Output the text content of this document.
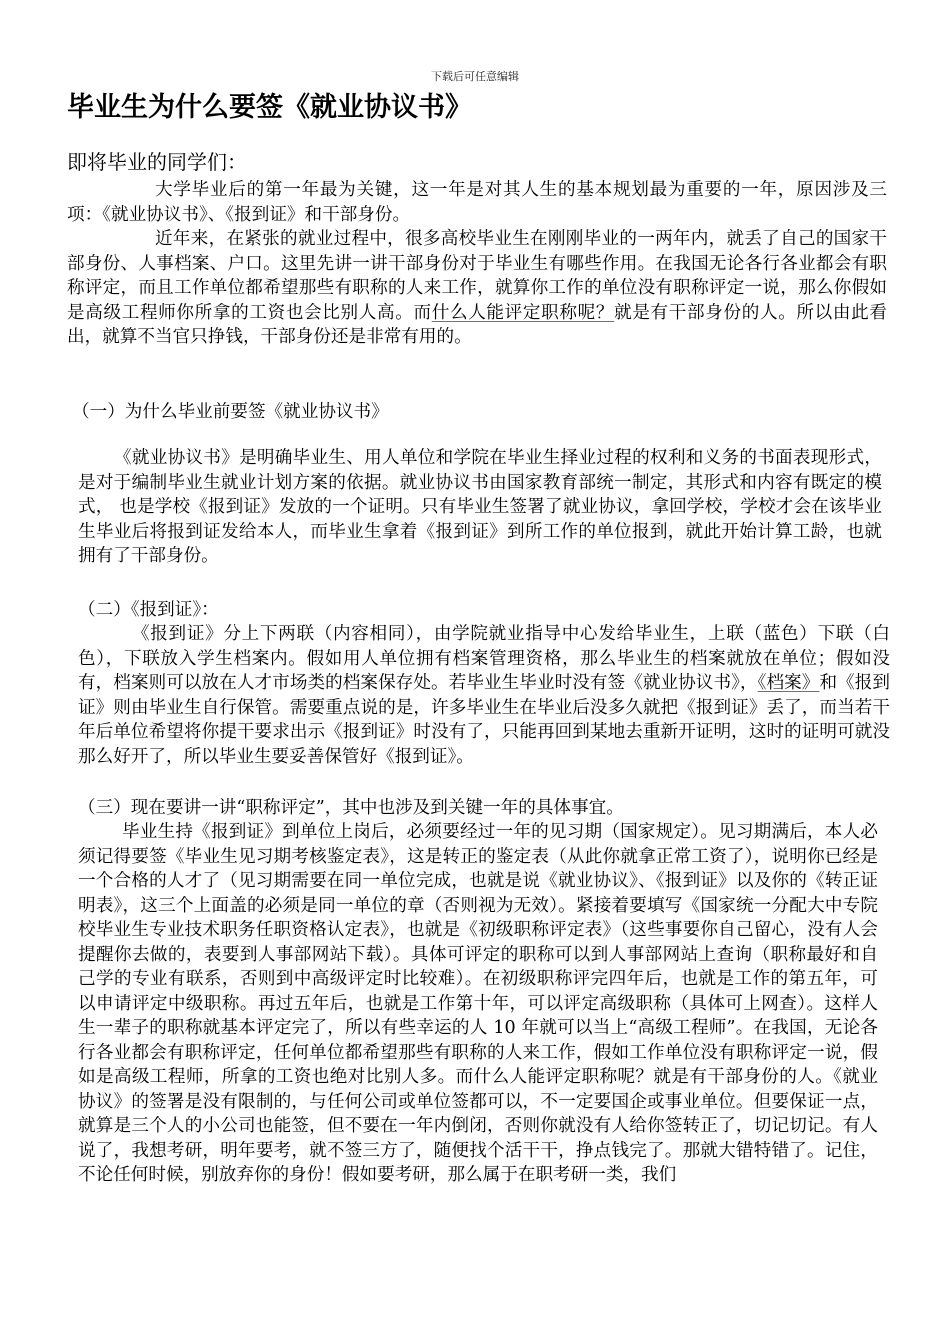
下载后可任意编辑
毕业生为什么要签《就业协议书》
即将毕业的同学们：

大学毕业后的第一年最为关键，这一年是对其人生的基本规划最为重要的一年，原因涉及三项：《就业协议书》、《报到证》和干部身份。

近年来，在紧张的就业过程中，很多高校毕业生在刚刚毕业的一两年内，就丢了自己的国家干部身份、人事档案、户口。这里先讲一讲干部身份对于毕业生有哪些作用。在我国无论各行各业都会有职称评定，而且工作单位都希望那些有职称的人来工作，就算你工作的单位没有职称评定一说，那么你假如是高级工程师你所拿的工资也会比别人高。而什么人能评定职称呢？就是有干部身份的人。所以由此看出，就算不当官只挣钱，干部身份还是非常有用的。

（一）为什么毕业前要签《就业协议书》

《就业协议书》是明确毕业生、用人单位和学院在毕业生择业过程的权利和义务的书面表现形式，是对于编制毕业生就业计划方案的依据。就业协议书由国家教育部统一制定，其形式和内容有既定的模式， 也是学校《报到证》发放的一个证明。只有毕业生签署了就业协议，拿回学校，学校才会在该毕业生毕业后将报到证发给本人，而毕业生拿着《报到证》到所工作的单位报到，就此开始计算工龄，也就拥有了干部身份。

（二）《报到证》：

《报到证》分上下两联（内容相同），由学院就业指导中心发给毕业生，上联（蓝色）下联（白色），下联放入学生档案内。假如用人单位拥有档案管理资格，那么毕业生的档案就放在单位；假如没有，档案则可以放在人才市场类的档案保存处。若毕业生毕业时没有签《就业协议书》，《档案》和《报到证》则由毕业生自行保管。需要重点说的是，许多毕业生在毕业后没多久就把《报到证》丢了，而当若干年后单位希望将你提干要求出示《报到证》时没有了，只能再回到某地去重新开证明，这时的证明可就没那么好开了，所以毕业生要妥善保管好《报到证》。

（三）现在要讲一讲“职称评定”，其中也涉及到关键一年的具体事宜。

毕业生持《报到证》到单位上岗后，必须要经过一年的见习期（国家规定）。见习期满后，本人必须记得要签《毕业生见习期考核鉴定表》，这是转正的鉴定表（从此你就拿正常工资了），说明你已经是一个合格的人才了（见习期需要在同一单位完成，也就是说《就业协议》、《报到证》以及你的《转正证明表》，这三个上面盖的必须是同一单位的章（否则视为无效）。紧接着要填写《国家统一分配大中专院校毕业生专业技术职务任职资格认定表》，也就是《初级职称评定表》（这些事要你自己留心，没有人会提醒你去做的，表要到人事部网站下载）。具体可评定的职称可以到人事部网站上查询（职称最好和自己学的专业有联系，否则到中高级评定时比较难）。在初级职称评完四年后，也就是工作的第五年，可以申请评定中级职称。再过五年后，也就是工作第十年，可以评定高级职称（具体可上网查）。这样人生一辈子的职称就基本评定完了，所以有些幸运的人 10 年就可以当上“高级工程师”。在我国，无论各行各业都会有职称评定，任何单位都希望那些有职称的人来工作，假如工作单位没有职称评定一说，假如是高级工程师，所拿的工资也绝对比别人多。而什么人能评定职称呢？就是有干部身份的人。《就业协议》的签署是没有限制的，与任何公司或单位签都可以，不一定要国企或事业单位。但要保证一点，就算是三个人的小公司也能签，但不要在一年内倒闭，否则你就没有人给你签转正了，切记切记。有人说了，我想考研，明年要考，就不签三方了，随便找个活干干，挣点钱完了。那就大错特错了。记住，不论任何时候，别放弃你的身份！假如要考研，那么属于在职考研一类，我们
